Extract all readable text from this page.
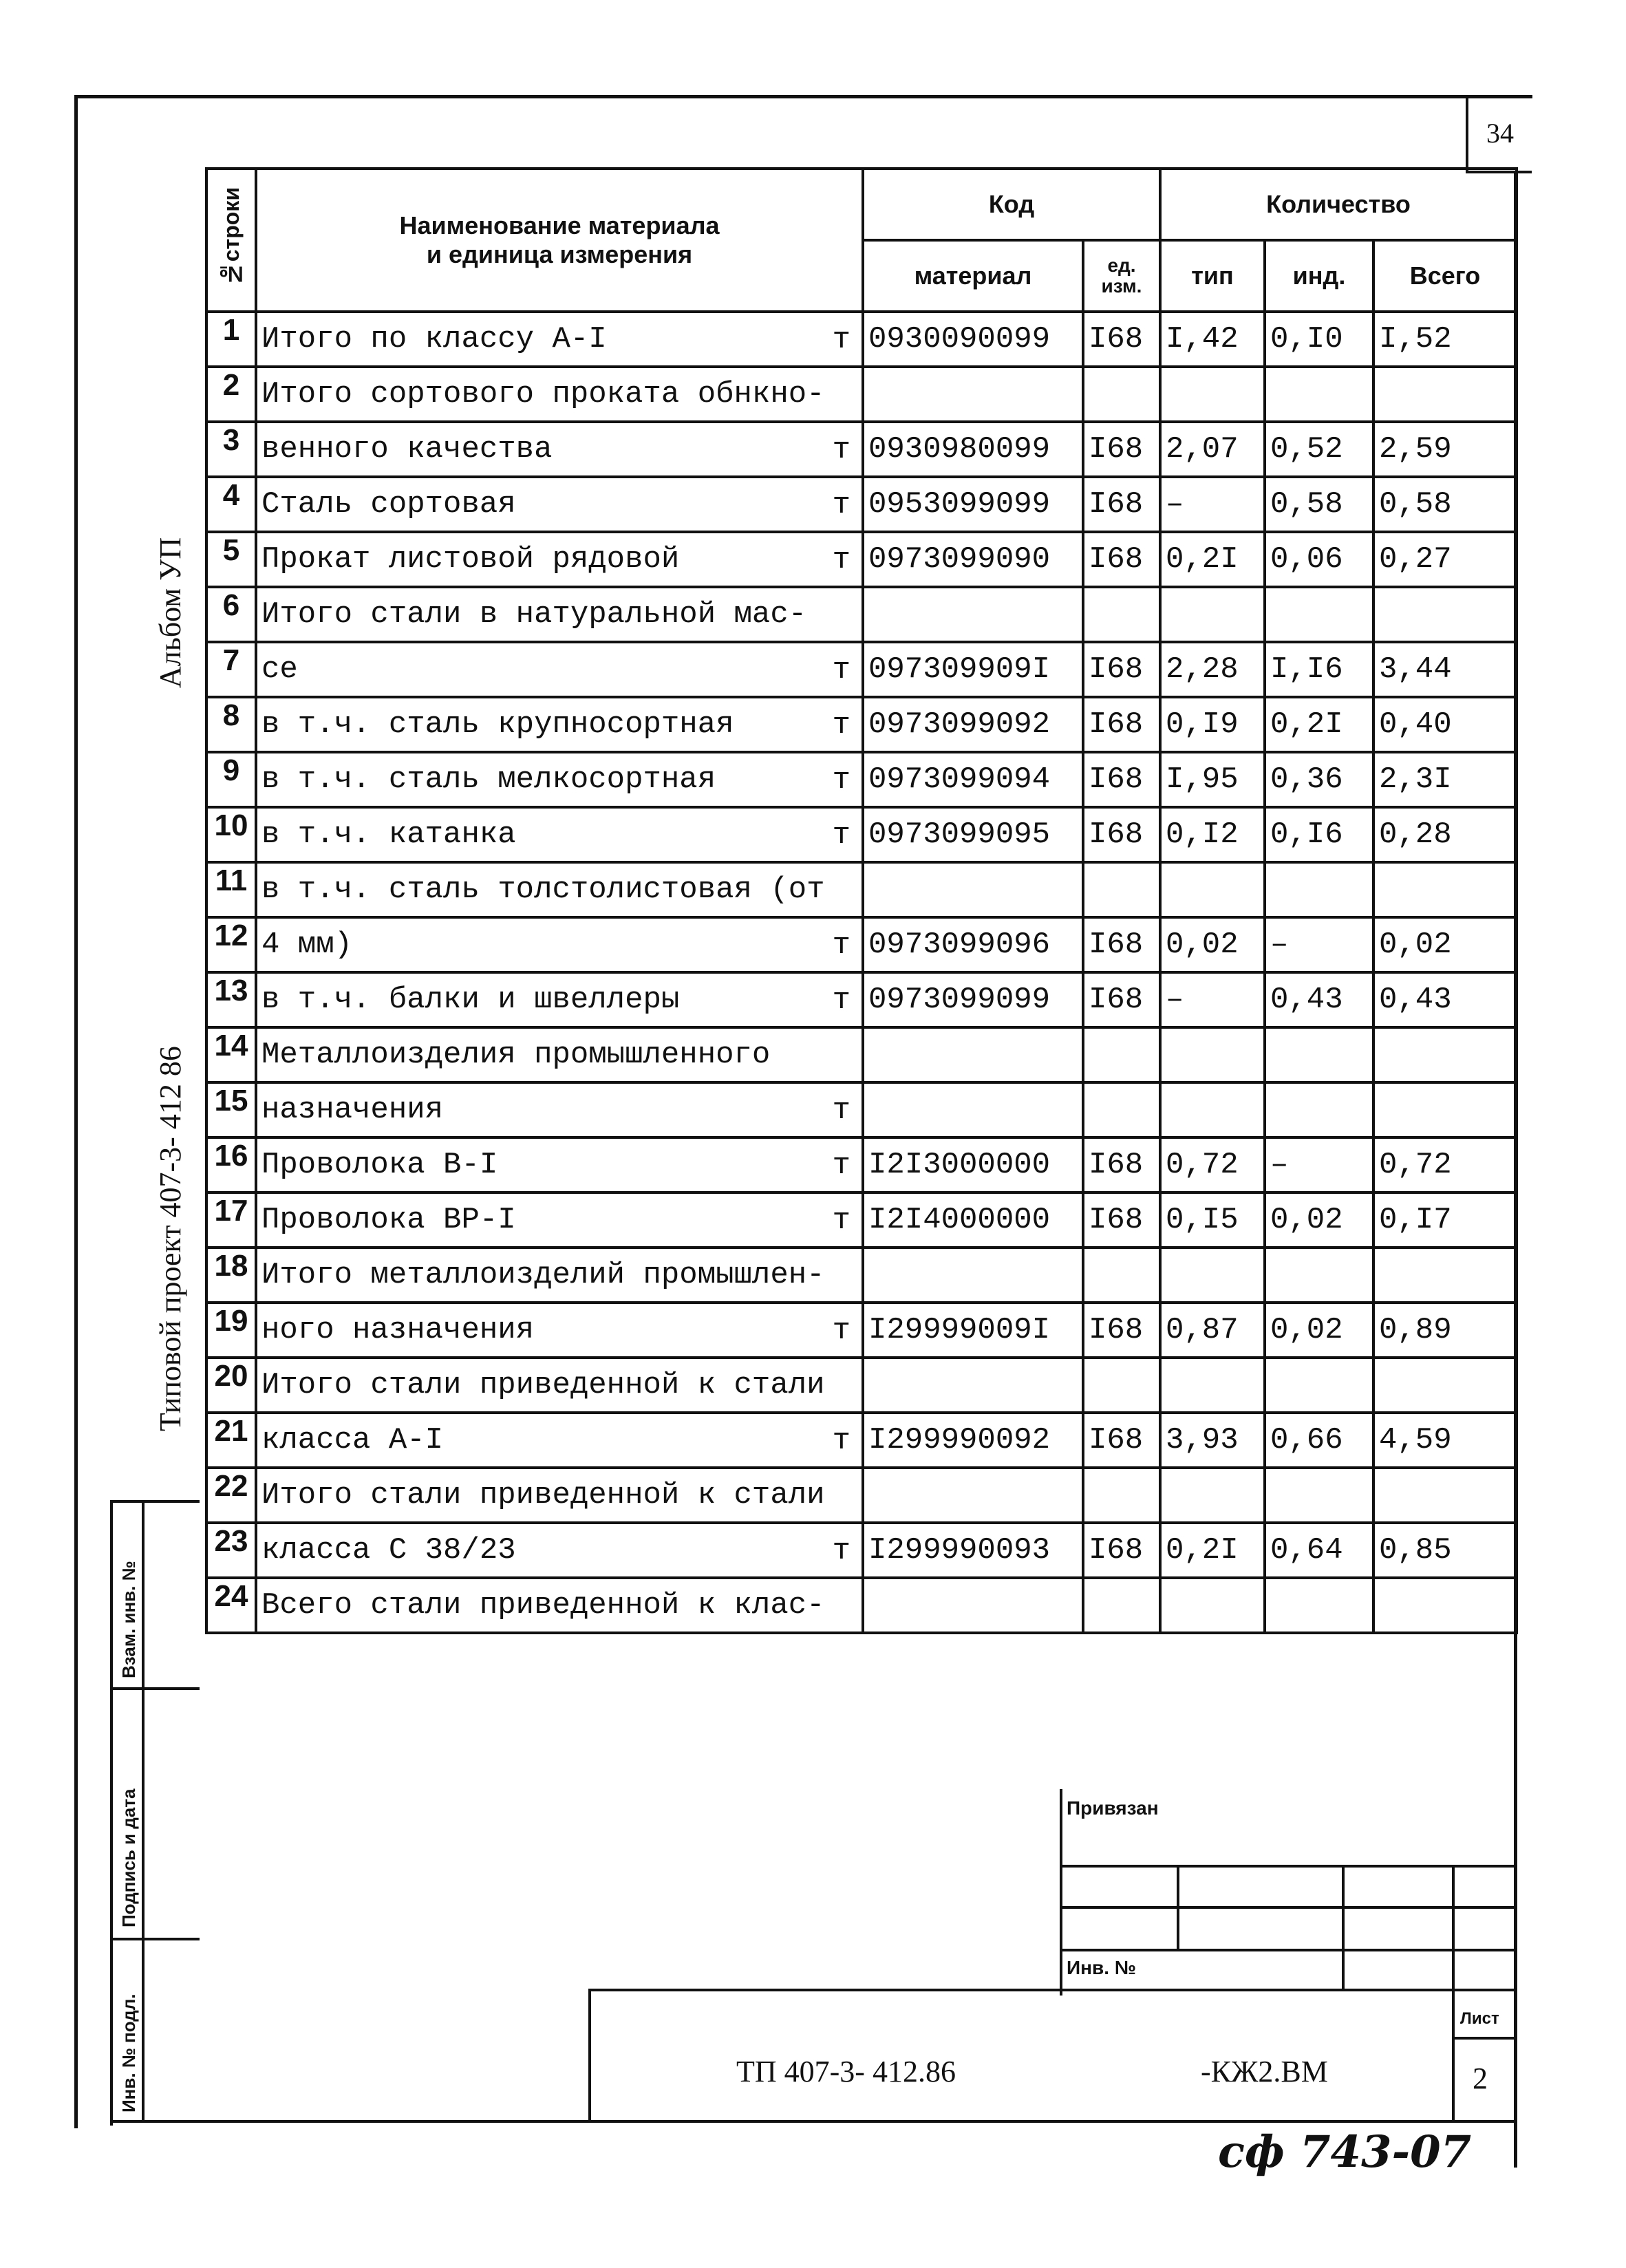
34
Альбом УП
Типовой проект 407-3- 412 86
№строки	Наименование материала
и единица измерения	Код		Количество		
		материал	ед.
изм.	тип	инд.	Всего
1	Итого по классу А-I т	0930090099	I68	I,42	0,I0	I,52
2	Итого сортового проката обнкно-

3	венного качества т	0930980099	I68	2,07	0,52	2,59
4	Сталь сортовая т	0953099099	I68	–	0,58	0,58
5	Прокат листовой рядовой т	0973099090	I68	0,2I	0,06	0,27
6	Итого стали в натуральной мас-

7	се т	097309909I	I68	2,28	I,I6	3,44
8	в т.ч. сталь крупносортная т	0973099092	I68	0,I9	0,2I	0,40
9	в т.ч. сталь мелкосортная т	0973099094	I68	I,95	0,36	2,3I
10	в т.ч. катанка т	0973099095	I68	0,I2	0,I6	0,28
11	в т.ч. сталь толстолистовая (от

12	4 мм) т	0973099096	I68	0,02	–	0,02
13	в т.ч. балки и швеллеры т	0973099099	I68	–	0,43	0,43
14	Металлоизделия промышленного

15	назначения т					

16	Проволока В-I т	I2I3000000	I68	0,72	–	0,72
17	Проволока ВР-I т	I2I4000000	I68	0,I5	0,02	0,I7
18	Итого металлоизделий промышлен-

19	ного назначения т	I29999009I	I68	0,87	0,02	0,89
20	Итого стали приведенной к стали

21	класса А-I т	I299990092	I68	3,93	0,66	4,59
22	Итого стали приведенной к стали

23	класса С 38/23 т	I299990093	I68	0,2I	0,64	0,85
24	Всего стали приведенной к клас-

Взам. инв. №
Подпись и дата
Инв. № подл.
Привязан
Инв. №
Лист
ТП 407-3- 412.86	-КЖ2.ВМ	2
сф 743-07
